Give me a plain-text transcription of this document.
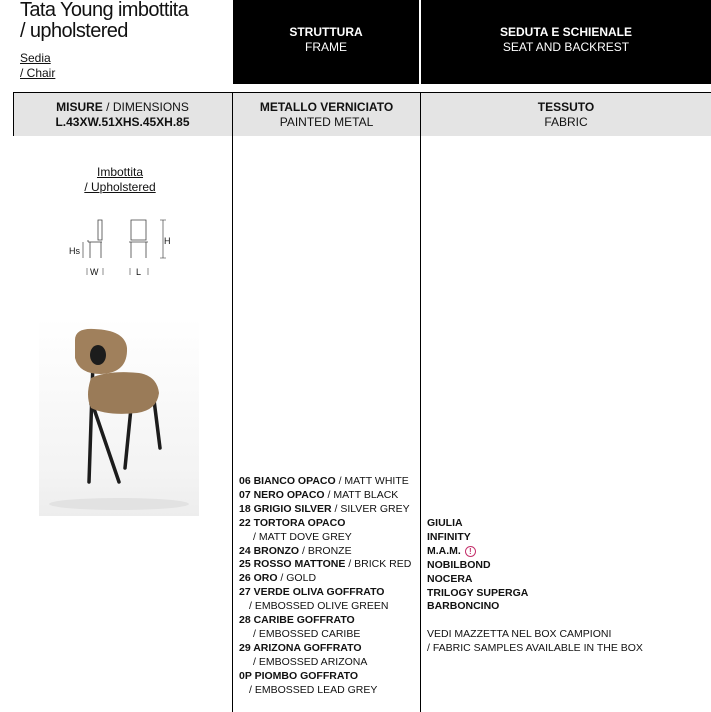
Tata Young imbottita
/ upholstered
Sedia
/ Chair
STRUTTURA
FRAME
SEDUTA E SCHIENALE
SEAT AND BACKREST
MISURE / DIMENSIONS
L.43XW.51XHS.45XH.85
METALLO VERNICIATO
PAINTED METAL
TESSUTO
FABRIC
Imbottita
/ Upholstered
Hs
W
H
L
06 BIANCO OPACO / MATT WHITE
07 NERO OPACO / MATT BLACK
18 GRIGIO SILVER / SILVER GREY
22 TORTORA OPACO
/ MATT DOVE GREY
24 BRONZO / BRONZE
25 ROSSO MATTONE / BRICK RED
26 ORO / GOLD
27 VERDE OLIVA GOFFRATO
/ EMBOSSED OLIVE GREEN
28 CARIBE GOFFRATO
/ EMBOSSED CARIBE
29 ARIZONA GOFFRATO
/ EMBOSSED ARIZONA
0P PIOMBO GOFFRATO
/ EMBOSSED LEAD GREY
GIULIA
INFINITY
M.A.M.	!
NOBILBOND
NOCERA
TRILOGY SUPERGA
BARBONCINO
VEDI MAZZETTA NEL BOX CAMPIONI
/ FABRIC SAMPLES AVAILABLE IN THE BOX
